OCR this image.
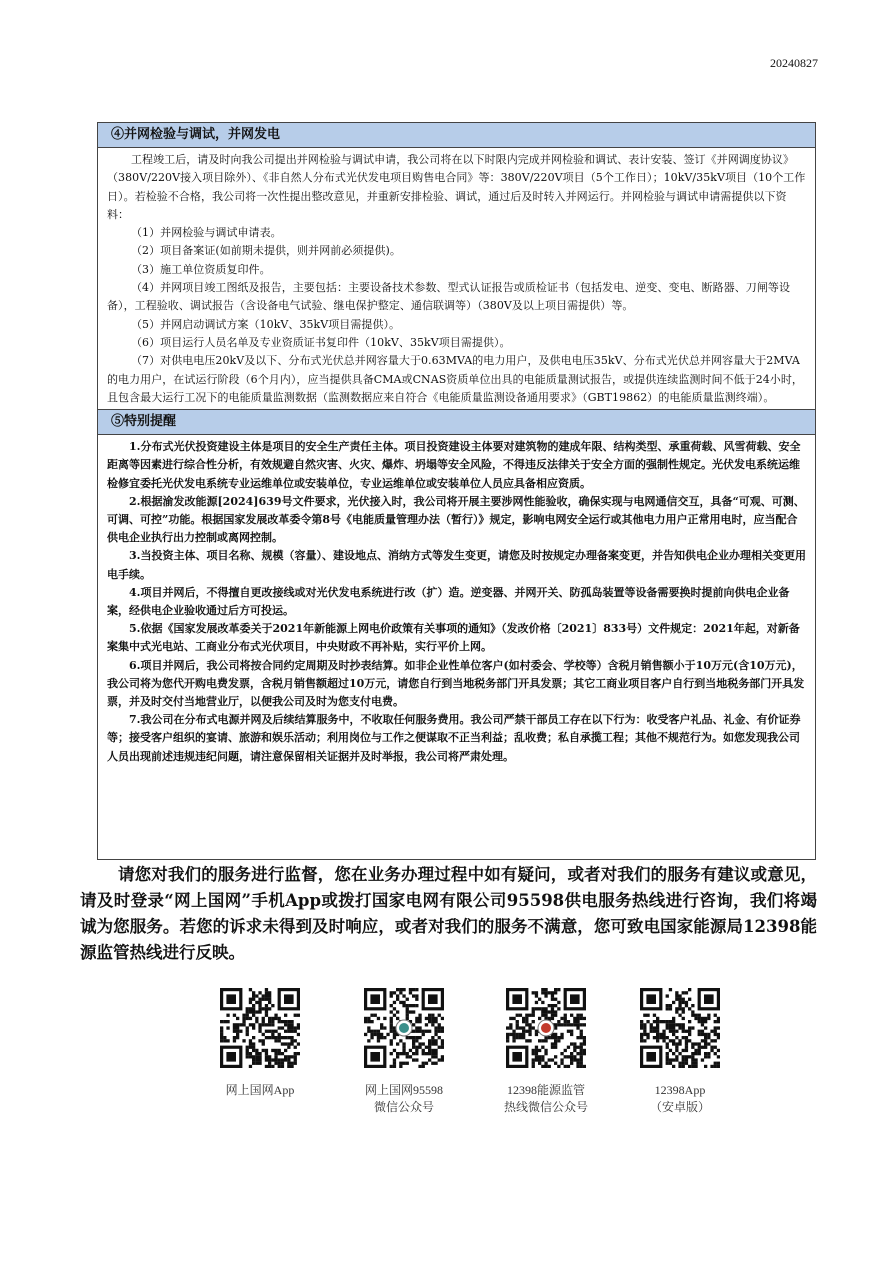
20240827
④并网检验与调试，并网发电

工程竣工后，请及时向我公司提出并网检验与调试申请，我公司将在以下时限内完成并网检验和调试、表计安装、签订《并网调度协议》（380V/220V接入项目除外）、《非自然人分布式光伏发电项目购售电合同》等：380V/220V项目（5个工作日）；10kV/35kV项目（10个工作日）。若检验不合格，我公司将一次性提出整改意见，并重新安排检验、调试，通过后及时转入并网运行。并网检验与调试申请需提供以下资料：

（1）并网检验与调试申请表。

（2）项目备案证(如前期未提供，则并网前必须提供)。

（3）施工单位资质复印件。

（4）并网项目竣工图纸及报告，主要包括：主要设备技术参数、型式认证报告或质检证书（包括发电、逆变、变电、断路器、刀闸等设备），工程验收、调试报告（含设备电气试验、继电保护整定、通信联调等）（380V及以上项目需提供）等。

（5）并网启动调试方案（10kV、35kV项目需提供）。

（6）项目运行人员名单及专业资质证书复印件（10kV、35kV项目需提供）。

（7）对供电电压20kV及以下、分布式光伏总并网容量大于0.63MVA的电力用户，及供电电压35kV、分布式光伏总并网容量大于2MVA的电力用户，在试运行阶段（6个月内），应当提供具备CMA或CNAS资质单位出具的电能质量测试报告，或提供连续监测时间不低于24小时，且包含最大运行工况下的电能质量监测数据（监测数据应来自符合《电能质量监测设备通用要求》（GBT19862）的电能质量监测终端）。

⑤特别提醒

1.分布式光伏投资建设主体是项目的安全生产责任主体。项目投资建设主体要对建筑物的建成年限、结构类型、承重荷载、风雪荷载、安全距离等因素进行综合性分析，有效规避自然灾害、火灾、爆炸、坍塌等安全风险，不得违反法律关于安全方面的强制性规定。光伏发电系统运维检修宜委托光伏发电系统专业运维单位或安装单位，专业运维单位或安装单位人员应具备相应资质。

2.根据渝发改能源[2024]639号文件要求，光伏接入时，我公司将开展主要涉网性能验收，确保实现与电网通信交互，具备“可观、可测、可调、可控”功能。根据国家发展改革委令第8号《电能质量管理办法（暂行）》规定，影响电网安全运行或其他电力用户正常用电时，应当配合供电企业执行出力控制或离网控制。

3.当投资主体、项目名称、规模（容量）、建设地点、消纳方式等发生变更，请您及时按规定办理备案变更，并告知供电企业办理相关变更用电手续。

4.项目并网后，不得擅自更改接线或对光伏发电系统进行改（扩）造。逆变器、并网开关、防孤岛装置等设备需要换时提前向供电企业备案，经供电企业验收通过后方可投运。

5.依据《国家发展改革委关于2021年新能源上网电价政策有关事项的通知》（发改价格〔2021〕833号）文件规定：2021年起，对新备案集中式光电站、工商业分布式光伏项目，中央财政不再补贴，实行平价上网。

6.项目并网后，我公司将按合同约定周期及时抄表结算。如非企业性单位客户(如村委会、学校等）含税月销售额小于10万元(含10万元)，我公司将为您代开购电费发票，含税月销售额超过10万元，请您自行到当地税务部门开具发票；其它工商业项目客户自行到当地税务部门开具发票，并及时交付当地营业厅，以便我公司及时为您支付电费。

7.我公司在分布式电源并网及后续结算服务中，不收取任何服务费用。我公司严禁干部员工存在以下行为：收受客户礼品、礼金、有价证券等；接受客户组织的宴请、旅游和娱乐活动；利用岗位与工作之便谋取不正当利益；乱收费；私自承揽工程；其他不规范行为。如您发现我公司人员出现前述违规违纪问题，请注意保留相关证据并及时举报，我公司将严肃处理。

请您对我们的服务进行监督，您在业务办理过程中如有疑问，或者对我们的服务有建议或意见，请及时登录“网上国网”手机App或拨打国家电网有限公司95598供电服务热线进行咨询，我们将竭诚为您服务。若您的诉求未得到及时响应，或者对我们的服务不满意，您可致电国家能源局12398能源监管热线进行反映。

网上国网App	网上国网95598
微信公众号
12398能源监管
热线微信公众号
12398App
（安卓版）
